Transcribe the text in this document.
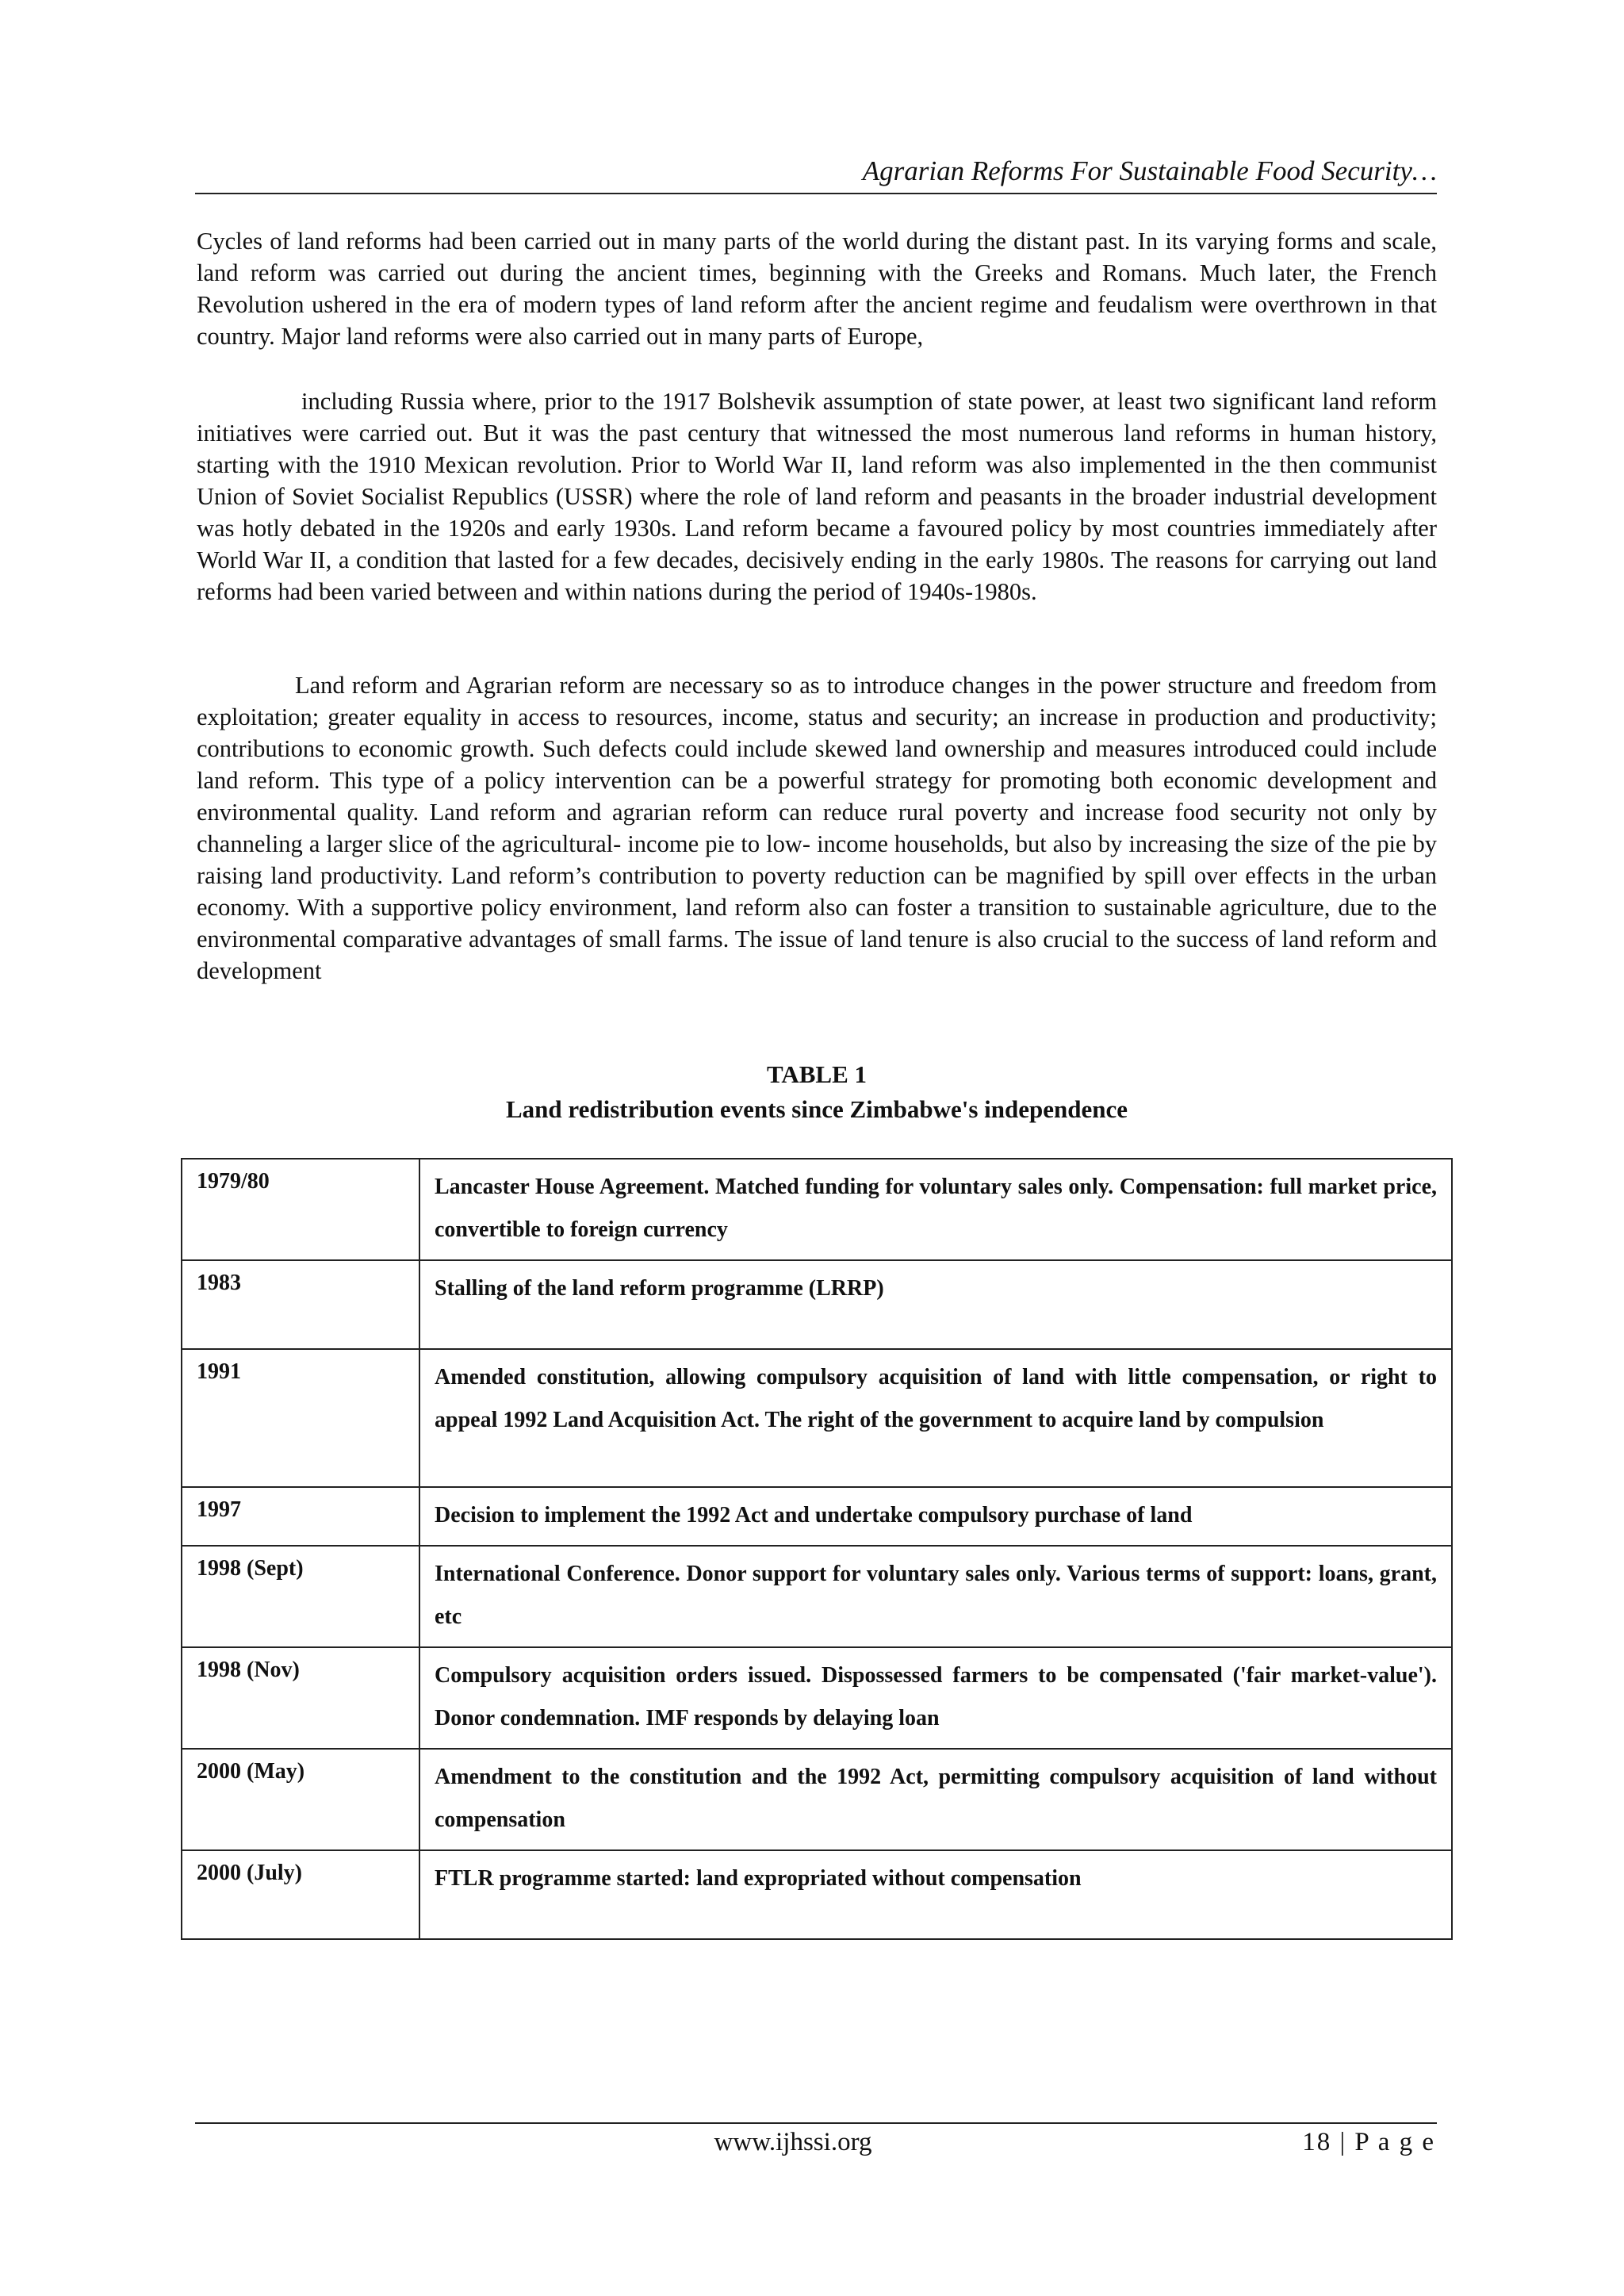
Agrarian Reforms For Sustainable Food Security…

Cycles of land reforms had been carried out in many parts of the world during the distant past. In its varying forms and scale, land reform was carried out during the ancient times, beginning with the Greeks and Romans. Much later, the French Revolution ushered in the era of modern types of land reform after the ancient regime and feudalism were overthrown in that country. Major land reforms were also carried out in many parts of Europe,

including Russia where, prior to the 1917 Bolshevik assumption of state power, at least two significant land reform initiatives were carried out. But it was the past century that witnessed the most numerous land reforms in human history, starting with the 1910 Mexican revolution. Prior to World War II, land reform was also implemented in the then communist Union of Soviet Socialist Republics (USSR) where the role of land reform and peasants in the broader industrial development was hotly debated in the 1920s and early 1930s. Land reform became a favoured policy by most countries immediately after World War II, a condition that lasted for a few decades, decisively ending in the early 1980s. The reasons for carrying out land reforms had been varied between and within nations during the period of 1940s-1980s.

Land reform and Agrarian reform are necessary so as to introduce changes in the power structure and freedom from exploitation; greater equality in access to resources, income, status and security; an increase in production and productivity; contributions to economic growth. Such defects could include skewed land ownership and measures introduced could include land reform. This type of a policy intervention can be a powerful strategy for promoting both economic development and environmental quality. Land reform and agrarian reform can reduce rural poverty and increase food security not only by channeling a larger slice of the agricultural- income pie to low- income households, but also by increasing the size of the pie by raising land productivity. Land reform’s contribution to poverty reduction can be magnified by spill over effects in the urban economy. With a supportive policy environment, land reform also can foster a transition to sustainable agriculture, due to the environmental comparative advantages of small farms. The issue of land tenure is also crucial to the success of land reform and development

TABLE 1
Land redistribution events since Zimbabwe's independence
1979/80	Lancaster House Agreement. Matched funding for voluntary sales only. Compensation: full market price, convertible to foreign currency
1983	Stalling of the land reform programme (LRRP)
1991	Amended constitution, allowing compulsory acquisition of land with little compensation, or right to appeal 1992 Land Acquisition Act. The right of the government to acquire land by compulsion
1997	Decision to implement the 1992 Act and undertake compulsory purchase of land
1998 (Sept)	International Conference. Donor support for voluntary sales only. Various terms of support: loans, grant, etc
1998 (Nov)	Compulsory acquisition orders issued. Dispossessed farmers to be compensated ('fair market-value'). Donor condemnation. IMF responds by delaying loan
2000 (May)	Amendment to the constitution and the 1992 Act, permitting compulsory acquisition of land without compensation
2000 (July)	FTLR programme started: land expropriated without compensation
www.ijhssi.org	18 | P a g e
